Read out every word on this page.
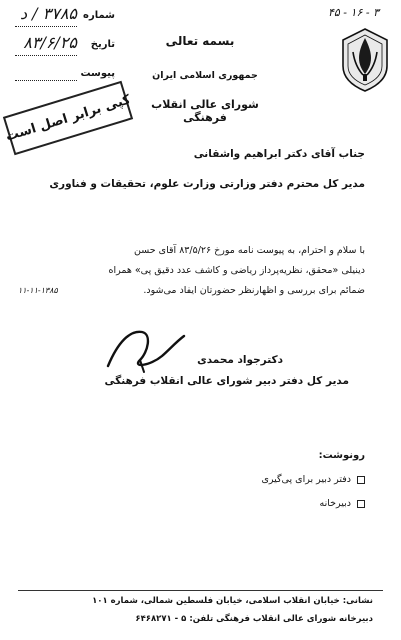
۳ - ۱۶ - ۴۵
شماره
۳۷۸۵ / د
تاریخ
۸۳/۶/۲۵
پیوست
بسمه تعالی
جمهوری اسلامی ایران
شورای عالی انقلاب فرهنگی
کپی برابر اصل است
جناب آقای دکتر ابراهیم واشقانی
مدیر کل محترم دفتر وزارتی وزارت علوم، تحقیقات و فناوری
با سلام و احترام، به پیوست نامه مورخ ۸۳/۵/۲۶ آقای حسن
دینیلی «محقق، نظریه‌پرداز ریاضی و کاشف عدد دقیق پی» همراه
ضمائم برای بررسی و اظهارنظر حضورتان ایفاد می‌شود.
۱۱-۱۱-۱۳۸۵
دکترجواد محمدی
مدیر کل دفتر دبیر شورای عالی انقلاب فرهنگی
رونوشت:
دفتر دبیر برای پی‌گیری
دبیرخانه
نشانی: خیابان انقلاب اسلامی، خیابان فلسطین شمالی، شماره ۱۰۱
دبیرخانه شورای عالی انقلاب فرهنگی تلفن: ۵ - ۶۴۶۸۲۷۱
